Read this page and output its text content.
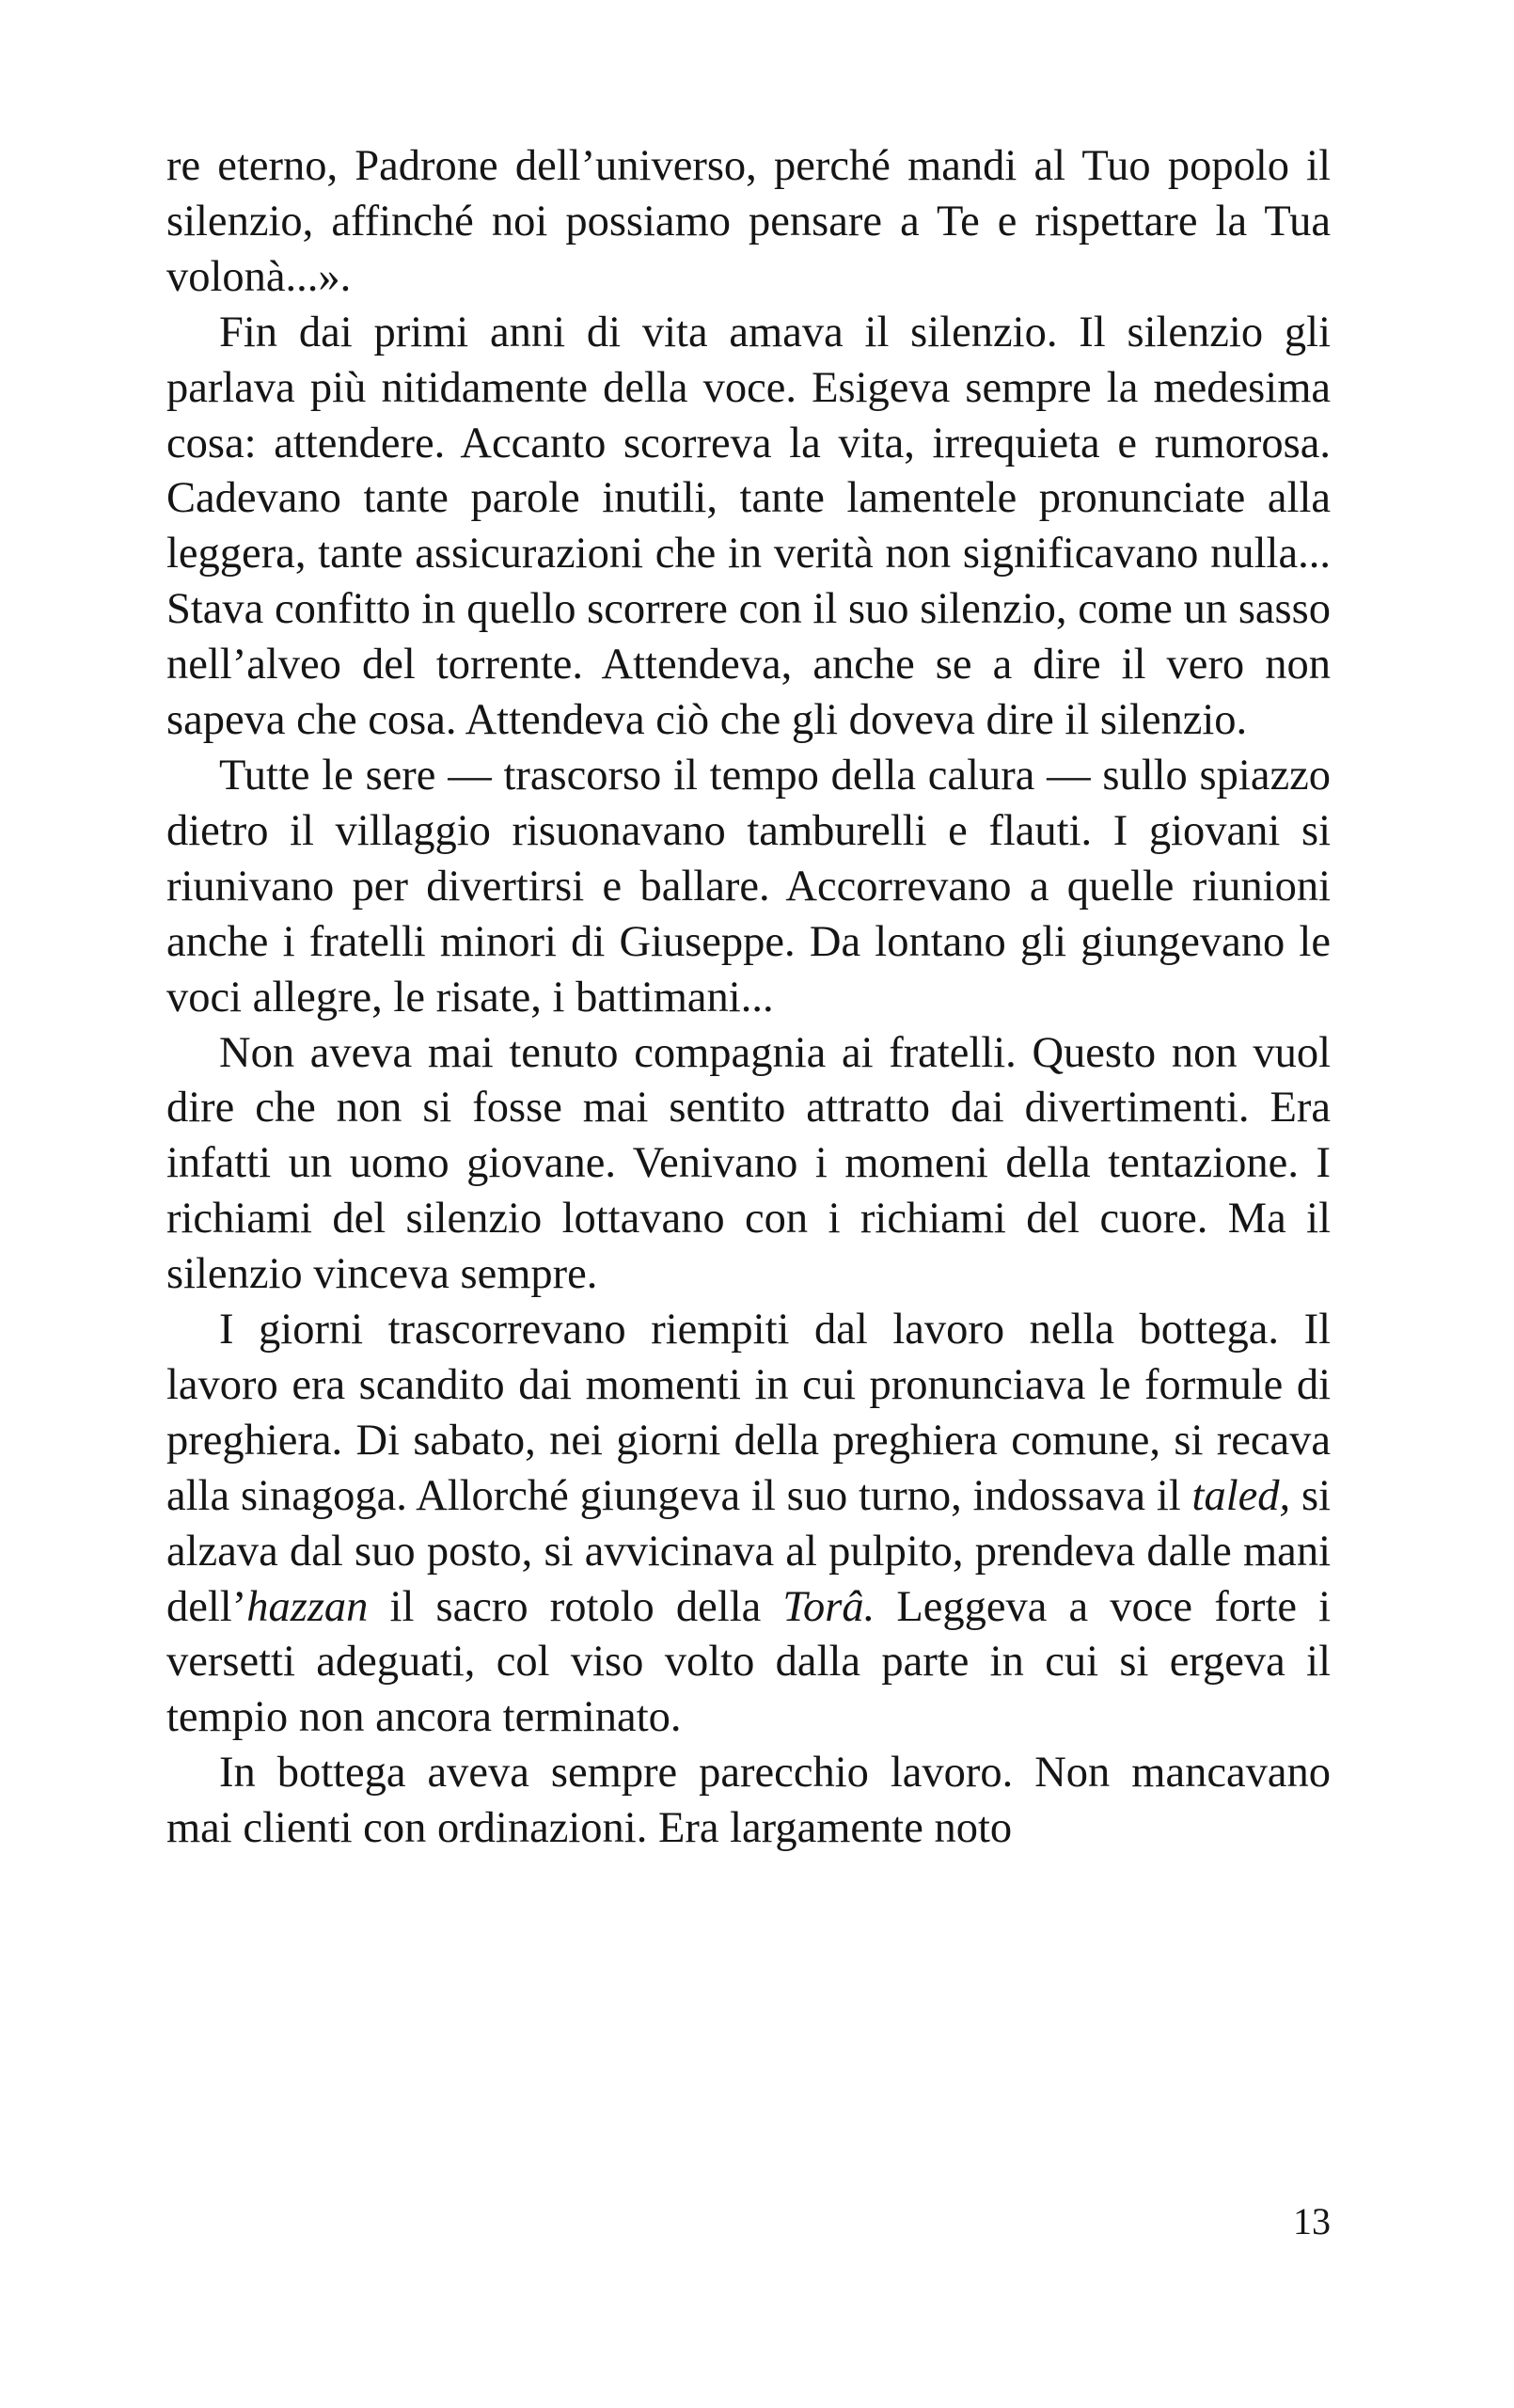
re eterno, Padrone dell’universo, perché mandi al Tuo popolo il silenzio, affinché noi possiamo pensare a Te e rispettare la Tua volonà...».

Fin dai primi anni di vita amava il silenzio. Il silenzio gli parlava più nitidamente della voce. Esigeva sempre la medesima cosa: attendere. Accanto scorreva la vita, irrequieta e rumorosa. Cadevano tante parole inutili, tante lamentele pronunciate alla leggera, tante assicurazioni che in verità non significavano nulla... Stava confitto in quello scorrere con il suo silenzio, come un sasso nell’alveo del torrente. Attendeva, anche se a dire il vero non sapeva che cosa. Attendeva ciò che gli doveva dire il silenzio.

Tutte le sere — trascorso il tempo della calura — sullo spiazzo dietro il villaggio risuonavano tamburelli e flauti. I giovani si riunivano per divertirsi e ballare. Accorrevano a quelle riunioni anche i fratelli minori di Giuseppe. Da lontano gli giungevano le voci allegre, le risate, i battimani...

Non aveva mai tenuto compagnia ai fratelli. Questo non vuol dire che non si fosse mai sentito attratto dai divertimenti. Era infatti un uomo giovane. Venivano i momeni della tentazione. I richiami del silenzio lottavano con i richiami del cuore. Ma il silenzio vinceva sempre.

I giorni trascorrevano riempiti dal lavoro nella bottega. Il lavoro era scandito dai momenti in cui pronunciava le formule di preghiera. Di sabato, nei giorni della preghiera comune, si recava alla sinagoga. Allorché giungeva il suo turno, indossava il taled, si alzava dal suo posto, si avvicinava al pulpito, prendeva dalle mani dell’hazzan il sacro rotolo della Torâ. Leggeva a voce forte i versetti adeguati, col viso volto dalla parte in cui si ergeva il tempio non ancora terminato.

In bottega aveva sempre parecchio lavoro. Non mancavano mai clienti con ordinazioni. Era largamente noto

13
